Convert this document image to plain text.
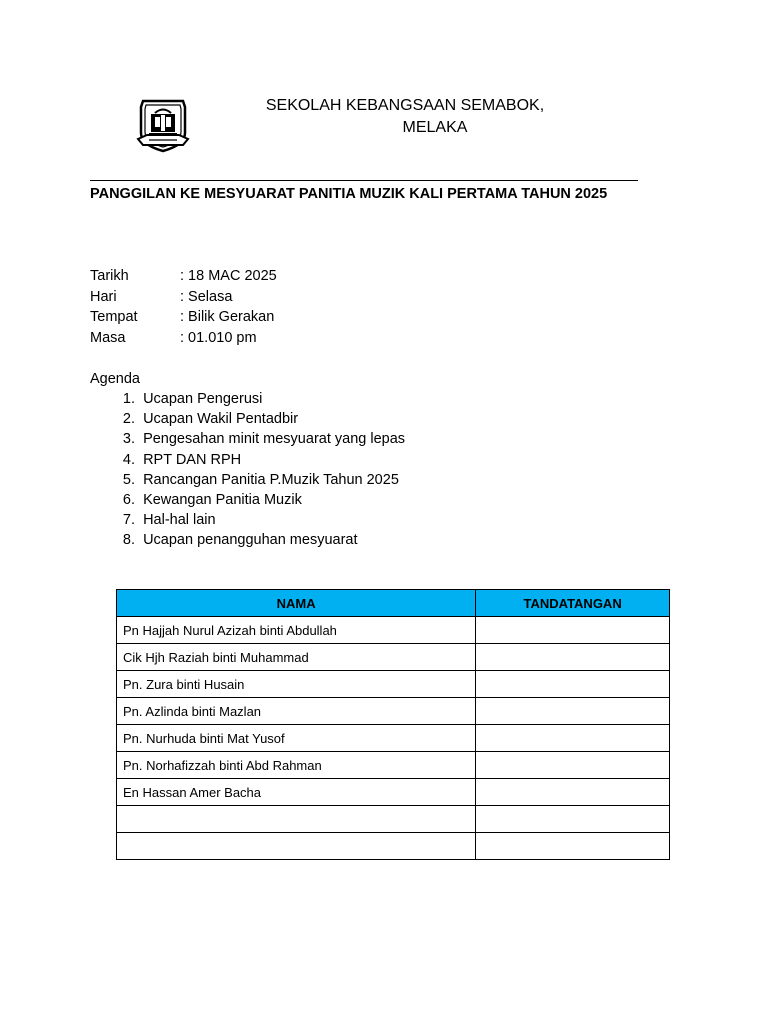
SEKOLAH KEBANGSAAN SEMABOK,
MELAKA
PANGGILAN KE MESYUARAT PANITIA MUZIK KALI PERTAMA TAHUN 2025
Tarikh	: 18 MAC 2025
Hari	: Selasa
Tempat	: Bilik Gerakan
Masa	: 01.010 pm
Agenda
1. Ucapan Pengerusi
2. Ucapan Wakil Pentadbir
3. Pengesahan minit mesyuarat yang lepas
4. RPT DAN RPH
5. Rancangan Panitia P.Muzik Tahun 2025
6. Kewangan Panitia Muzik
7. Hal-hal lain
8. Ucapan penangguhan mesyuarat
NAMA	TANDATANGAN
Pn Hajjah Nurul Azizah binti Abdullah	
Cik Hjh Raziah binti Muhammad	
Pn. Zura binti Husain	
Pn. Azlinda binti Mazlan	
Pn. Nurhuda binti Mat Yusof	
Pn. Norhafizzah binti Abd Rahman	
En Hassan Amer Bacha	
